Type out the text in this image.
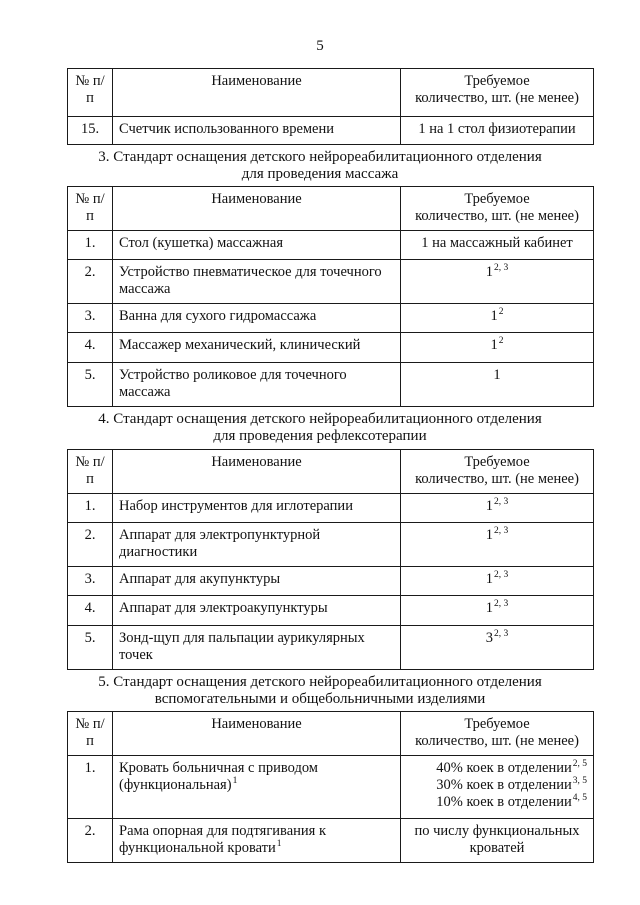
5
№ п/п	Наименование	Требуемое
количество, шт. (не менее)

15.	Счетчик использованного времени	1 на 1 стол физиотерапии
3. Стандарт оснащения детского нейрореабилитационного отделения
для проведения массажа
№ п/п	Наименование	Требуемое
количество, шт. (не менее)

1.	Стол (кушетка) массажная	1 на массажный кабинет
2.	Устройство пневматическое для точечного массажа	1$^{2, 3}$
3.	Ванна для сухого гидромассажа	$1^2$
4.	Массажер механический, клинический	$1^2$
5.	Устройство роликовое для точечного массажа	1
4. Стандарт оснащения детского нейрореабилитационного отделения
для проведения рефлексотерапии
№ п/п	Наименование	Требуемое
количество, шт. (не менее)

1.	Набор инструментов для иглотерапии	1$^{2, 3}$
2.	Аппарат для электропунктурной диагностики	1$^{2, 3}$
3.	Аппарат для акупунктуры	1$^{2, 3}$
4.	Аппарат для электроакупунктуры	1$^{2, 3}$
5.	Зонд-щуп для пальпации аурикулярных точек	3$^{2, 3}$
5. Стандарт оснащения детского нейрореабилитационного отделения
вспомогательными и общебольничными изделиями
№ п/п	Наименование	Требуемое
количество, шт. (не менее)

1.	Кровать больничная с приводом (функциональная)$^1$	40% коек в отделении$^{2, 5}$
30% коек в отделении$^{3, 5}$
10% коек в отделении$^{4, 5}$

2.	Рама опорная для подтягивания к функциональной кровати$^1$	по числу функциональных кроватей
